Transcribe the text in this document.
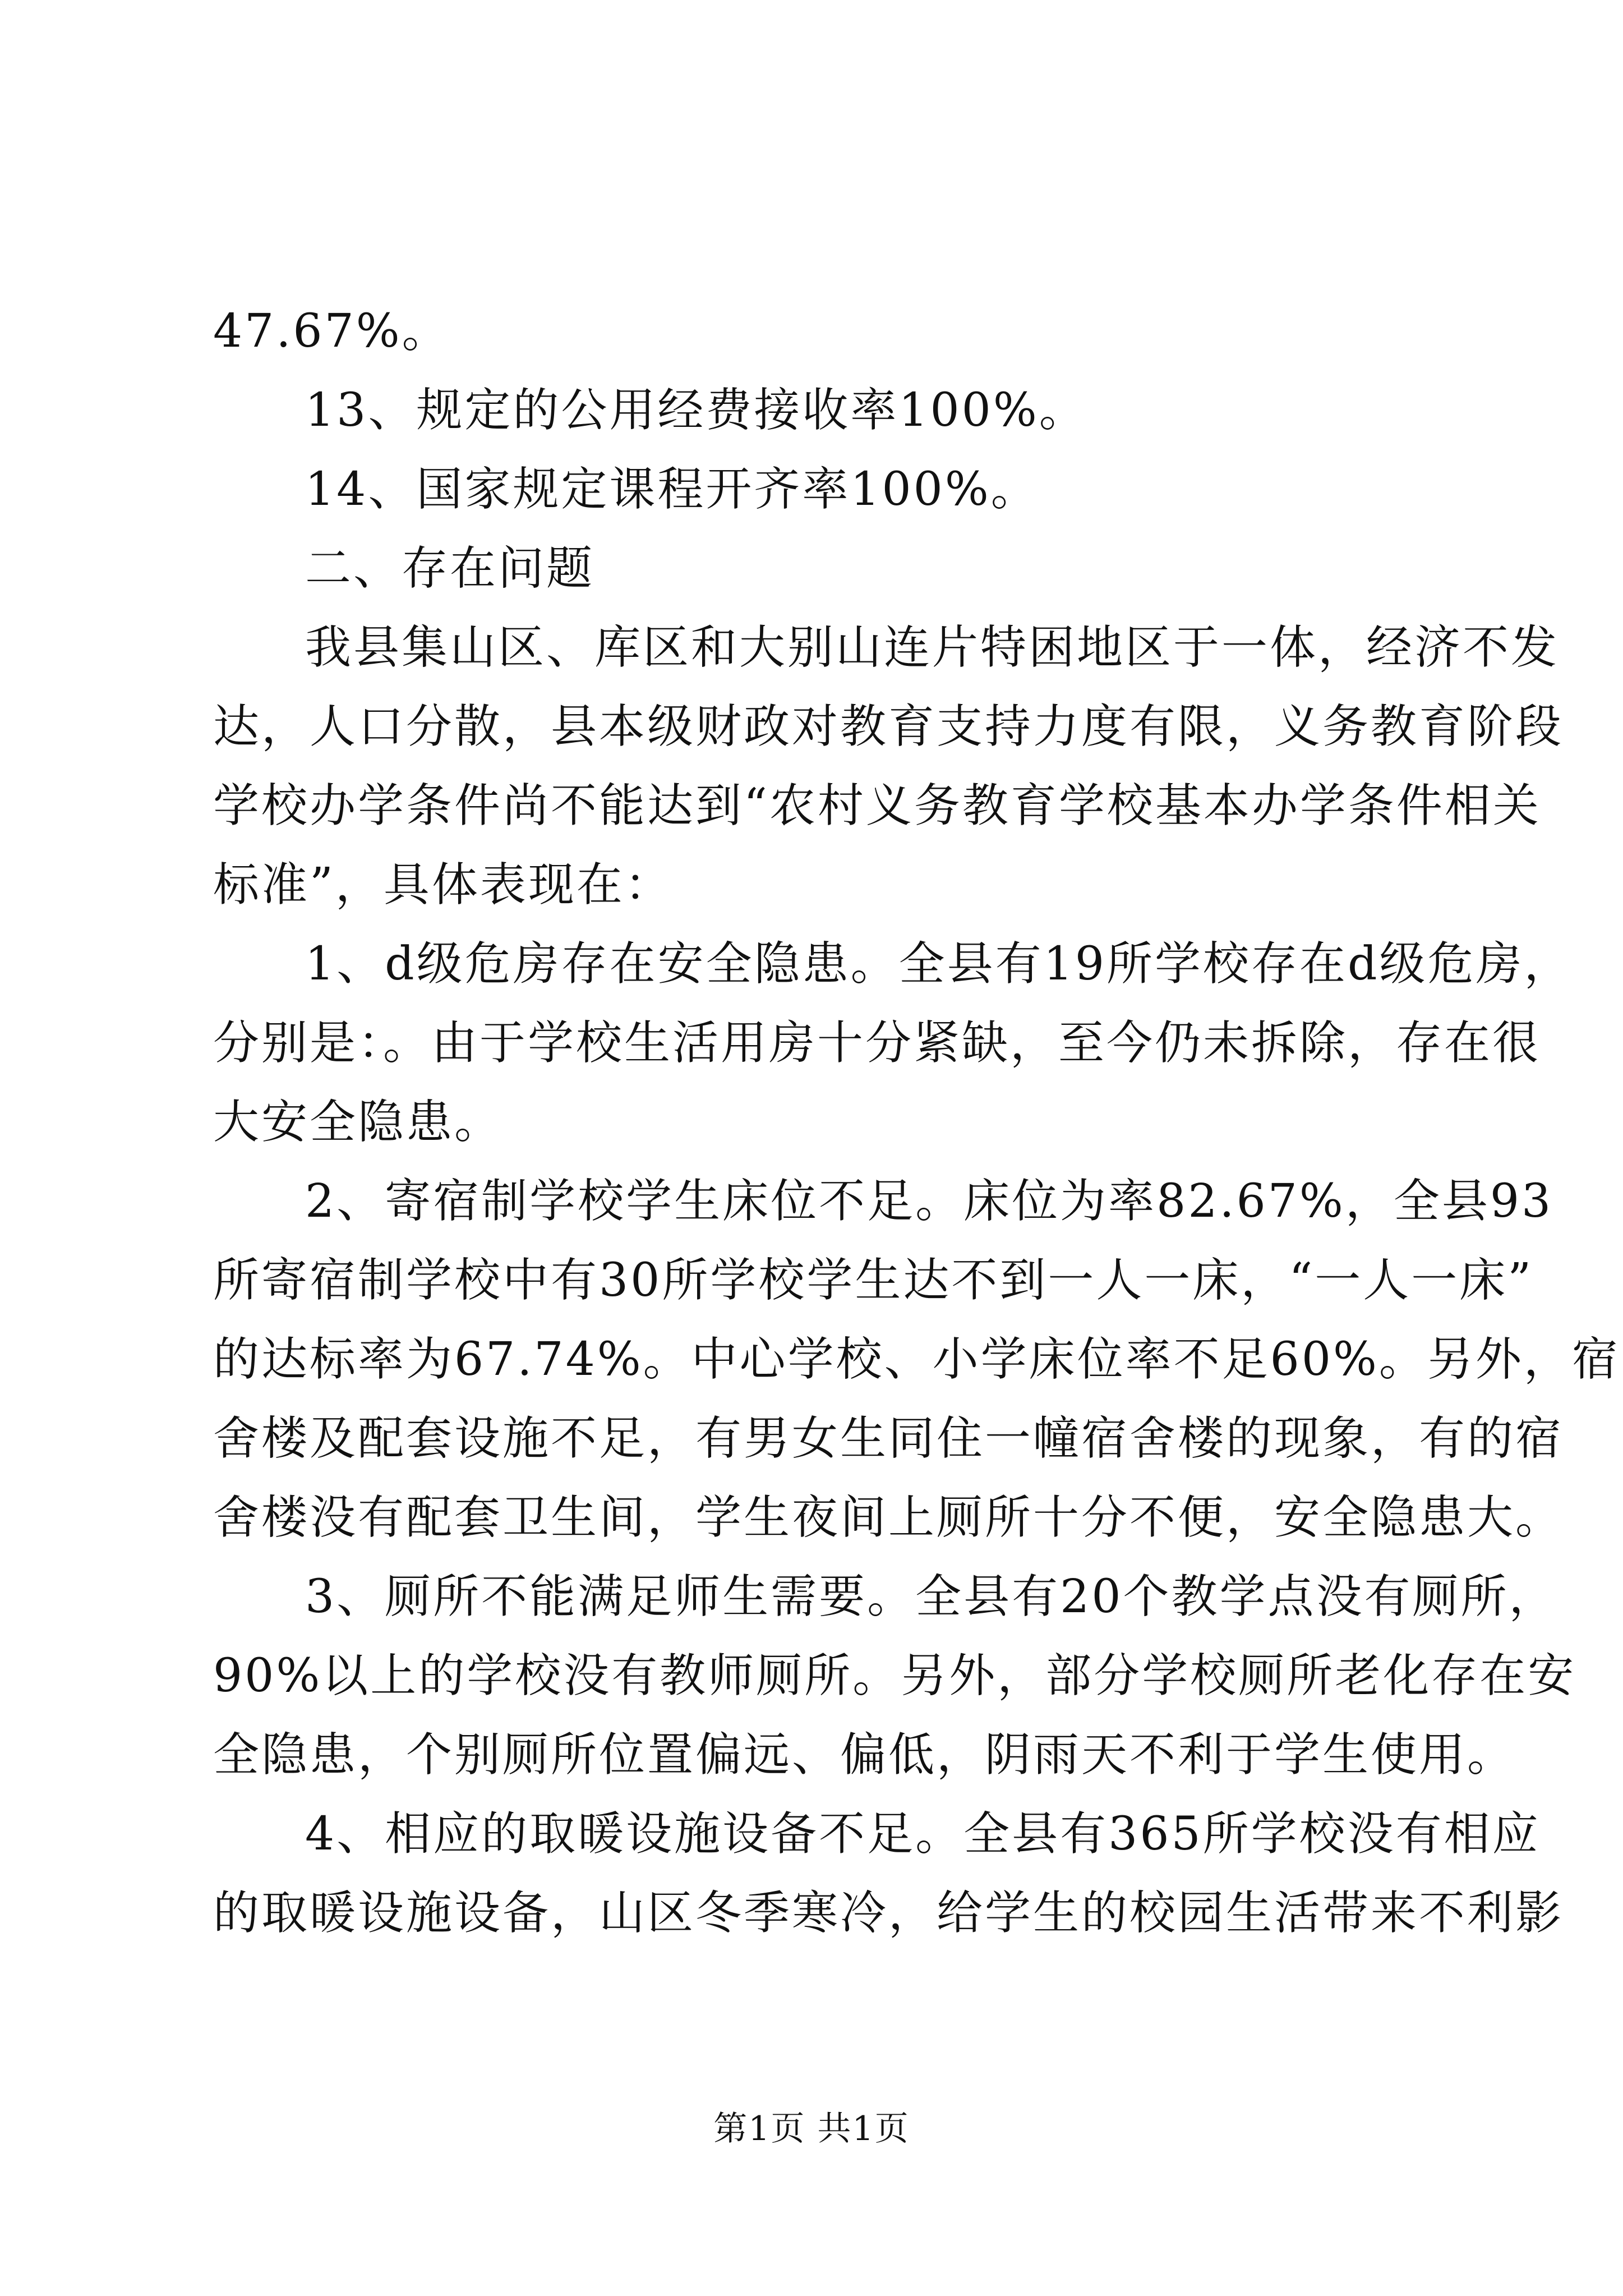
47.67%。
13、规定的公用经费接收率100%。
14、国家规定课程开齐率100%。
二、存在问题
我县集山区、库区和大别山连片特困地区于一体，经济不发
达，人口分散，县本级财政对教育支持力度有限，义务教育阶段
学校办学条件尚不能达到“农村义务教育学校基本办学条件相关
标准”，具体表现在：
1、d级危房存在安全隐患。全县有19所学校存在d级危房，
分别是：。由于学校生活用房十分紧缺，至今仍未拆除，存在很
大安全隐患。
2、寄宿制学校学生床位不足。床位为率82.67%，全县93
所寄宿制学校中有30所学校学生达不到一人一床，“一人一床”
的达标率为67.74%。中心学校、小学床位率不足60%。另外，宿
舍楼及配套设施不足，有男女生同住一幢宿舍楼的现象，有的宿
舍楼没有配套卫生间，学生夜间上厕所十分不便，安全隐患大。
3、厕所不能满足师生需要。全县有20个教学点没有厕所，
90%以上的学校没有教师厕所。另外，部分学校厕所老化存在安
全隐患，个别厕所位置偏远、偏低，阴雨天不利于学生使用。
4、相应的取暖设施设备不足。全县有365所学校没有相应
的取暖设施设备，山区冬季寒冷，给学生的校园生活带来不利影
第1页 共1页
